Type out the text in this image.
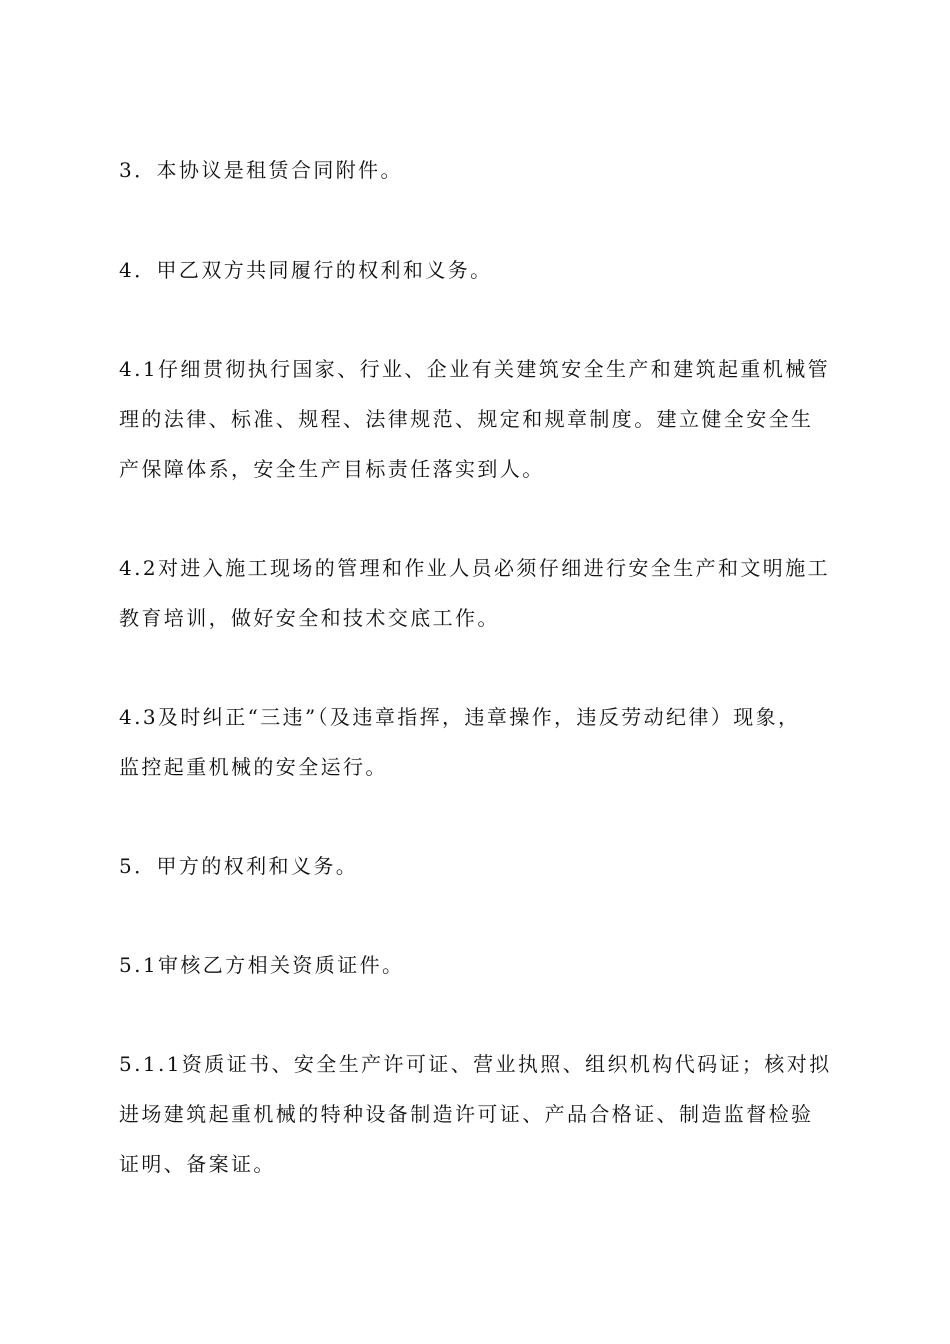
3．本协议是租赁合同附件。
4．甲乙双方共同履行的权利和义务。
4.1仔细贯彻执行国家、行业、企业有关建筑安全生产和建筑起重机械管
理的法律、标准、规程、法律规范、规定和规章制度。建立健全安全生
产保障体系，安全生产目标责任落实到人。
4.2对进入施工现场的管理和作业人员必须仔细进行安全生产和文明施工
教育培训，做好安全和技术交底工作。
4.3及时纠正“三违”（及违章指挥，违章操作，违反劳动纪律）现象，
监控起重机械的安全运行。
5．甲方的权利和义务。
5.1审核乙方相关资质证件。
5.1.1资质证书、安全生产许可证、营业执照、组织机构代码证；核对拟
进场建筑起重机械的特种设备制造许可证、产品合格证、制造监督检验
证明、备案证。
